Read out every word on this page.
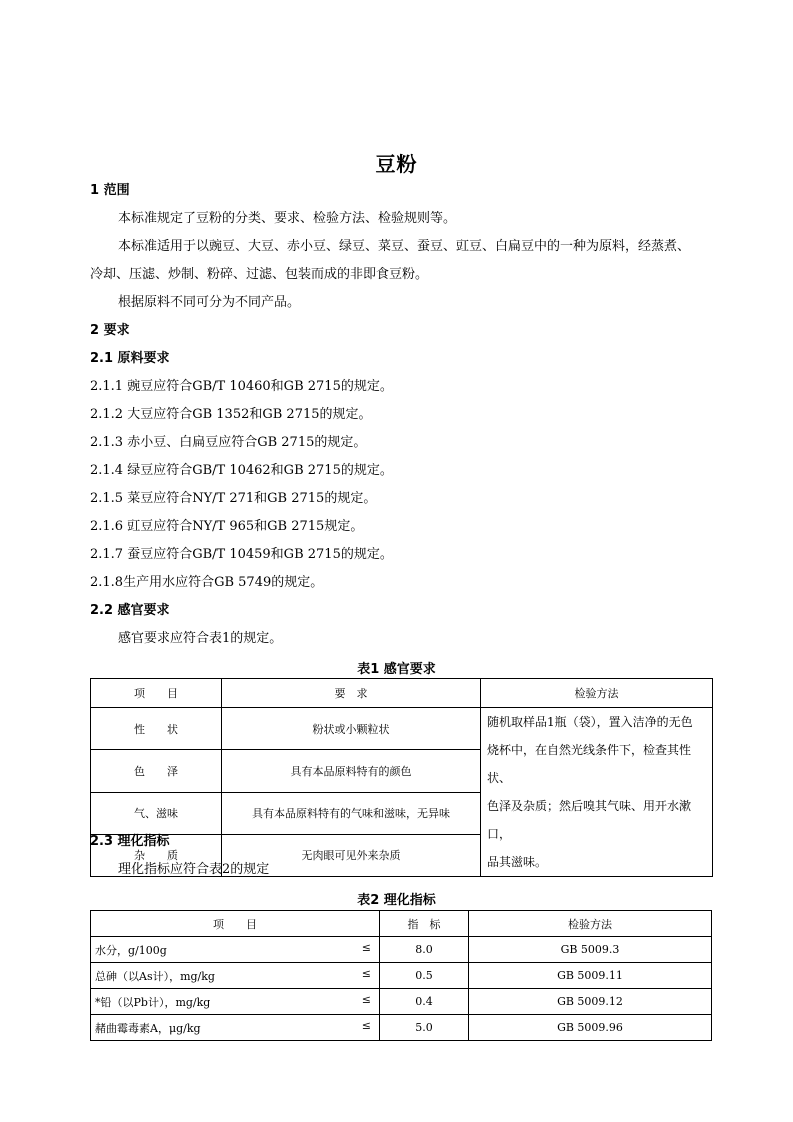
豆粉
1 范围
本标准规定了豆粉的分类、要求、检验方法、检验规则等。
本标准适用于以豌豆、大豆、赤小豆、绿豆、菜豆、蚕豆、豇豆、白扁豆中的一种为原料，经蒸煮、
冷却、压滤、炒制、粉碎、过滤、包装而成的非即食豆粉。
根据原料不同可分为不同产品。
2 要求
2.1 原料要求
2.1.1 豌豆应符合GB/T 10460和GB 2715的规定。
2.1.2 大豆应符合GB 1352和GB 2715的规定。
2.1.3 赤小豆、白扁豆应符合GB 2715的规定。
2.1.4 绿豆应符合GB/T 10462和GB 2715的规定。
2.1.5 菜豆应符合NY/T 271和GB 2715的规定。
2.1.6 豇豆应符合NY/T 965和GB 2715规定。
2.1.7 蚕豆应符合GB/T 10459和GB 2715的规定。
2.1.8生产用水应符合GB 5749的规定。
2.2 感官要求
感官要求应符合表1的规定。
表1 感官要求
项　　目	要　求	检验方法
性　　状	粉状或小颗粒状	随机取样品1瓶（袋），置入洁净的无色
烧杯中，在自然光线条件下，检查其性状、
色泽及杂质；然后嗅其气味、用开水漱口，
品其滋味。

色　　泽	具有本品原料特有的颜色	
气、滋味	具有本品原料特有的气味和滋味，无异味	
杂　　质	无肉眼可见外来杂质	
2.3 理化指标
理化指标应符合表2的规定
表2 理化指标
项　　目	指　标	检验方法
水分，g/100g ≤	8.0	GB 5009.3
总砷（以As计），mg/kg ≤	0.5	GB 5009.11
*铅（以Pb计），mg/kg ≤	0.4	GB 5009.12
赭曲霉毒素A，μg/kg ≤	5.0	GB 5009.96
